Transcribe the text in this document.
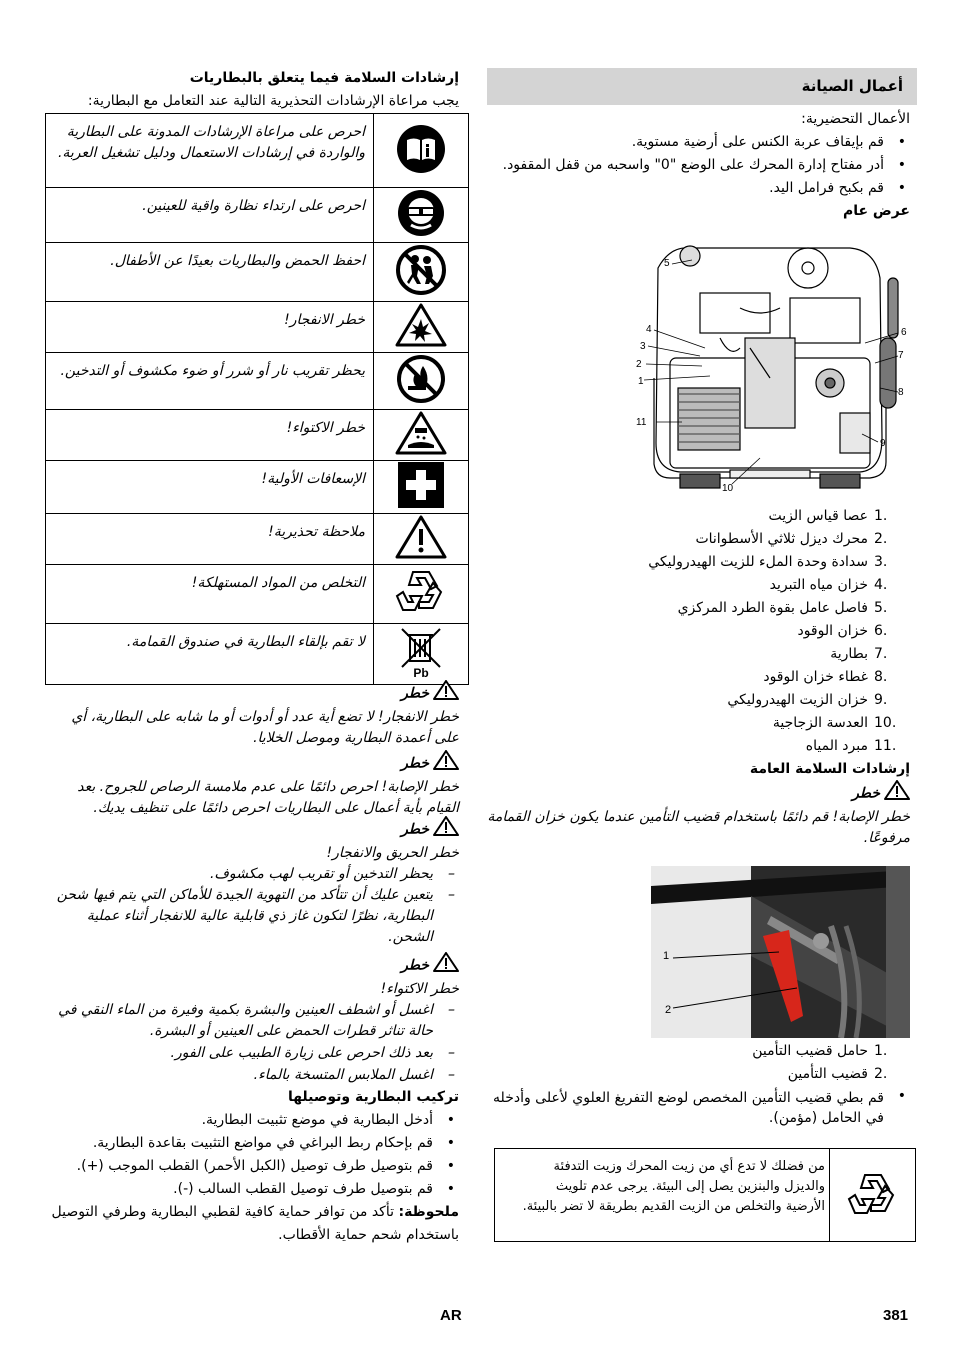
إرشادات السلامة فيما يتعلق بالبطاريات
يجب مراعاة الإرشادات التحذيرية التالية عند التعامل مع البطارية:
احرص على مراعاة الإرشادات المدونة على البطارية والواردة في إرشادات الاستعمال ودليل تشغيل العربة.	
احرص على ارتداء نظارة واقية للعينين.	
احفظ الحمض والبطاريات بعيدًا عن الأطفال.	
خطر الانفجار!	
يحظر تقريب نار أو شرر أو ضوء مكشوف أو التدخين.	
خطر الاكتواء!	
الإسعافات الأولية!	
ملاحظة تحذيرية!	
التخلص من المواد المستهلكة!	
لا تقم بإلقاء البطارية في صندوق القمامة.	Pb
خطر
خطر الانفجار! لا تضع أية عدد أو أدوات أو ما شابه على البطارية، أي على أعمدة البطارية وموصل الخلايا.
خطر
خطر الإصابة! احرص دائمًا على عدم ملامسة الرصاص للجروح. بعد القيام بأية أعمال على البطاريات احرص دائمًا على تنظيف يديك.
خطر
خطر الحريق والانفجار!
–
يحظر التدخين أو تقريب لهب مكشوف.
–
يتعين عليك أن تتأكد من التهوية الجيدة للأماكن التي يتم فيها شحن البطارية، نظرًا لتكون غاز ذي قابلية عالية للانفجار أثناء عملية الشحن.
خطر
خطر الاكتواء!
–
اغسل أو اشطف العينين والبشرة بكمية وفيرة من الماء النقي في حالة تناثر قطرات الحمض على العينين أو البشرة.
–
بعد ذلك احرص على زيارة الطبيب على الفور.
–
اغسل الملابس المتسخة بالماء.
تركيب البطارية وتوصيلها
•
أدخل البطارية في موضع تثبيت البطارية.
•
قم بإحكام ربط البراغي في مواضع التثبيت بقاعدة البطارية.
•
قم بتوصيل طرف توصيل (الكبل الأحمر) القطب الموجب (+).
•
قم بتوصيل طرف توصيل القطب السالب (-).
ملحوظة: تأكد من توافر حماية كافية لقطبي البطارية وطرفي التوصيل باستخدام شحم حماية الأقطاب.
أعمال الصيانة
الأعمال التحضيرية:
•
قم بإيقاف عربة الكنس على أرضية مستوية.
•
أدر مفتاح إدارة المحرك على الوضع "0" واسحبه من قفل المقفود.
•
قم بكبح فرامل اليد.
عرض عام
5
4
3
2
1
11
6
7
8
9
10
1.
عصا قياس الزيت
2.
محرك ديزل ثلاثي الأسطوانات
3.
سدادة وحدة الملء للزيت الهيدروليكي
4.
خزان مياه التبريد
5.
فاصل عامل بقوة الطرد المركزي
6.
خزان الوقود
7.
بطارية
8.
غطاء خزان الوقود
9.
خزان الزيت الهيدروليكي
10.
العدسة الزجاجية
11.
مبرد المياه
إرشادات السلامة العامة
خطر
خطر الإصابة! قم دائمًا باستخدام قضيب التأمين عندما يكون خزان القمامة مرفوعًا.
1
2
1.
حامل قضيب التأمين
2.
قضيب التأمين
•
قم بطي قضيب التأمين المخصص لوضع التفريغ العلوي لأعلى وأدخله في الحامل (مؤمن).
من فضلك لا تدع أي من زيت المحرك وزيت التدفئة والديزل والبنزين يصل إلى البيئة. يرجى عدم تلويث الأرضية والتخلص من الزيت القديم بطريقة لا تضر بالبيئة.
AR	381
